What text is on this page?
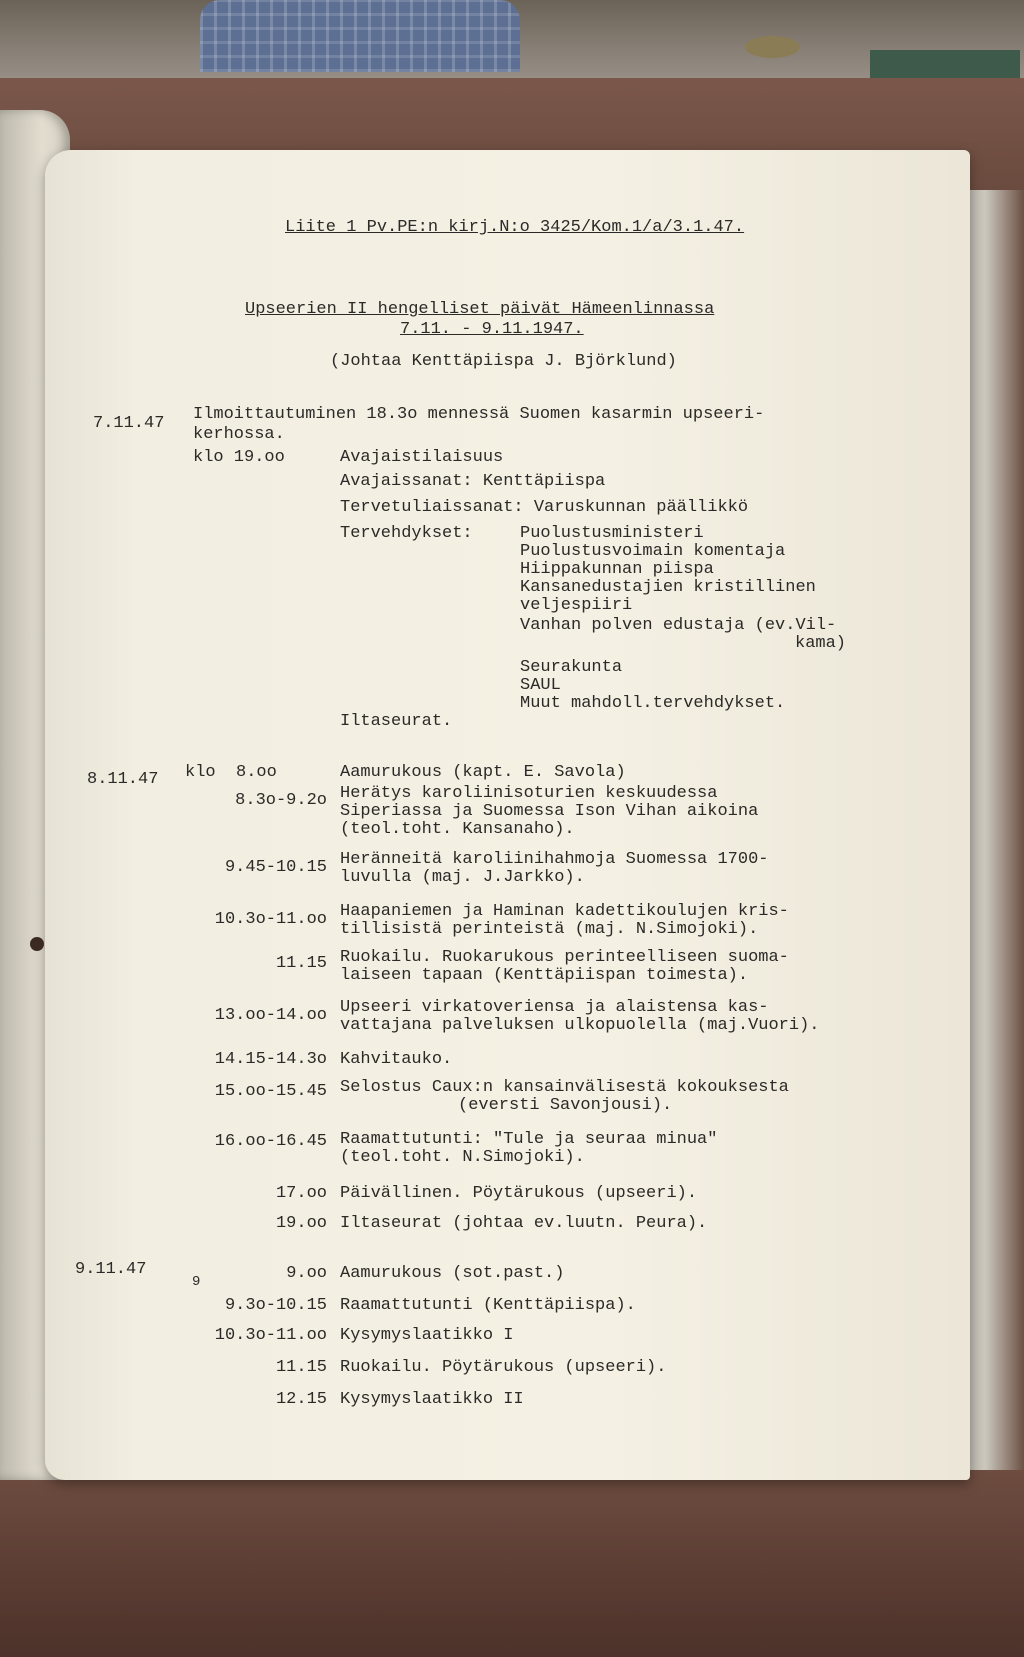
Liite 1 Pv.PE:n kirj.N:o 3425/Kom.1/a/3.1.47.
Upseerien II hengelliset päivät Hämeenlinnassa
7.11. - 9.11.1947.
(Johtaa Kenttäpiispa J. Björklund)
7.11.47 Ilmoittautuminen 18.3o mennessä Suomen kasarmin upseeri-
kerhossa.
klo 19.oo	Avajaistilaisuus
Avajaissanat: Kenttäpiispa
Tervetuliaissanat: Varuskunnan päällikkö
Tervehdykset:	Puolustusministeri
Puolustusvoimain komentaja
Hiippakunnan piispa
Kansanedustajien kristillinen
veljespiiri
Vanhan polven edustaja (ev.Vil-
kama)
Seurakunta
SAUL
Muut mahdoll.tervehdykset.
Iltaseurat.
8.11.47 klo  8.oo	Aamurukous (kapt. E. Savola)
8.3o-9.2o Herätys karoliinisoturien keskuudessa
Siperiassa ja Suomessa Ison Vihan aikoina
(teol.toht. Kansanaho).
9.45-10.15 Heränneitä karoliinihahmoja Suomessa 1700-
luvulla (maj. J.Jarkko).
10.3o-11.oo Haapaniemen ja Haminan kadettikoulujen kris-
tillisistä perinteistä (maj. N.Simojoki).
11.15 Ruokailu. Ruokarukous perinteelliseen suoma-
laiseen tapaan (Kenttäpiispan toimesta).
13.oo-14.oo Upseeri virkatoveriensa ja alaistensa kas-
vattajana palveluksen ulkopuolella (maj.Vuori).
14.15-14.3o Kahvitauko.
15.oo-15.45 Selostus Caux:n kansainvälisestä kokouksesta
(eversti Savonjousi).
16.oo-16.45 Raamattutunti: "Tule ja seuraa minua"
(teol.toht. N.Simojoki).
17.oo Päivällinen. Pöytärukous (upseeri).
19.oo Iltaseurat (johtaa ev.luutn. Peura).
9.11.47
9	9.oo Aamurukous (sot.past.)
9.3o-10.15 Raamattutunti (Kenttäpiispa).
10.3o-11.oo Kysymyslaatikko I
11.15 Ruokailu. Pöytärukous (upseeri).
12.15 Kysymyslaatikko II
